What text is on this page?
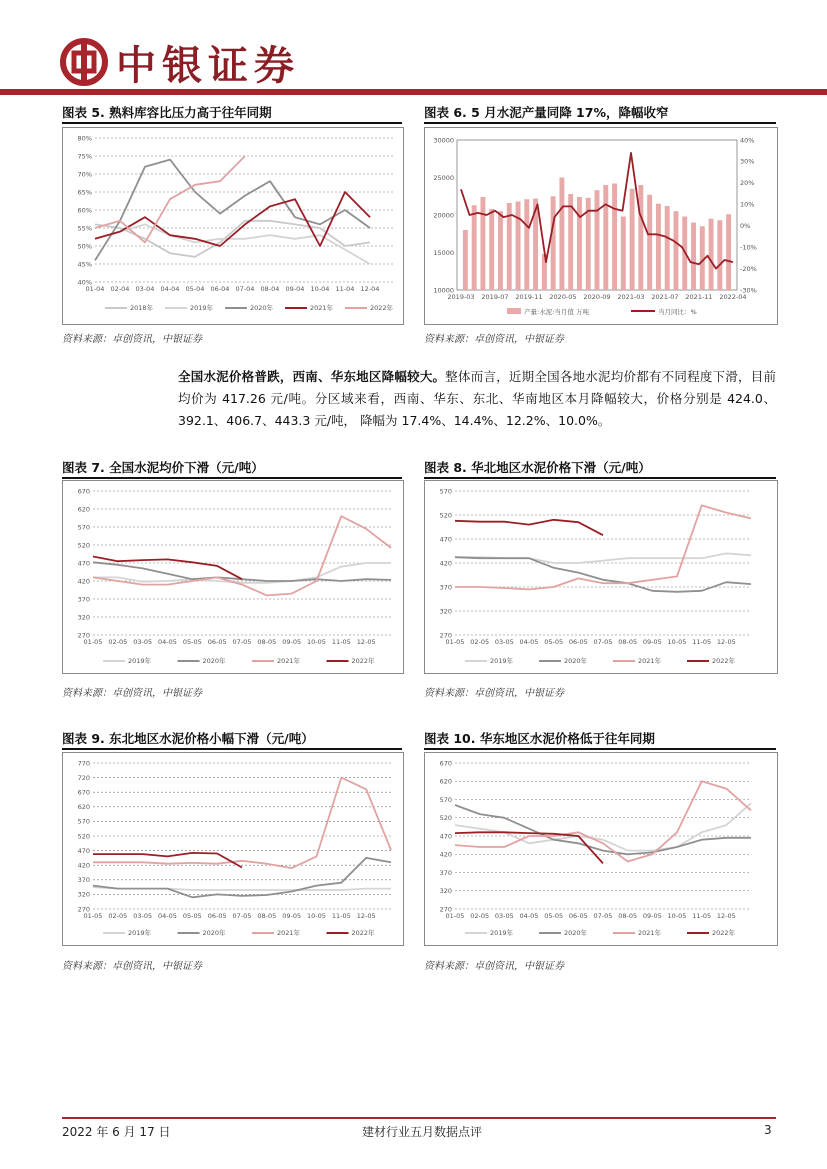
中银证券
图表 5. 熟料库容比压力高于往年同期	图表 6. 5 月水泥产量同降 17%，降幅收窄
80%
75%
70%
65%
60%
55%
50%
45%
40%
01-04 02-04 03-04 04-04 05-04 06-04 07-04 08-04 09-04 10-04 11-04 12-04
2018年	2019年	2020年	2021年	2022年
30000
25000
20000
15000
10000
40%
30%
20%
10%
0%
-10%
-20%
-30%
2019-03 2019-07 2019-11 2020-05 2020-09 2021-03 2021-07 2021-11 2022-04
产量:水泥:当月值 万吨	当月同比：%
资料来源：卓创资讯，中银证券	资料来源：卓创资讯，中银证券
全国水泥价格普跌，西南、华东地区降幅较大。整体而言，近期全国各地水泥均价都有不同程度下滑，目前均价为 417.26 元/吨。分区域来看，西南、华东、东北、华南地区本月降幅较大，价格分别是 424.0、392.1、406.7、443.3 元/吨， 降幅为 17.4%、14.4%、12.2%、10.0%。
图表 7. 全国水泥均价下滑（元/吨）	图表 8. 华北地区水泥价格下滑（元/吨）
670
620
570
520
470
420
370
320
270
01-05 02-05 03-05 04-05 05-05 06-05 07-05 08-05 09-05 10-05 11-05 12-05
2019年	2020年	2021年	2022年
570
520
470
420
370
320
270
01-05 02-05 03-05 04-05 05-05 06-05 07-05 08-05 09-05 10-05 11-05 12-05
2019年	2020年	2021年	2022年
资料来源：卓创资讯，中银证券	资料来源：卓创资讯，中银证券
图表 9. 东北地区水泥价格小幅下滑（元/吨）	图表 10. 华东地区水泥价格低于往年同期
770
720
670
620
570
520
470
420
370
320
270
01-05 02-05 03-05 04-05 05-05 06-05 07-05 08-05 09-05 10-05 11-05 12-05
2019年	2020年	2021年	2022年
670
620
570
520
470
420
370
320
270
01-05 02-05 03-05 04-05 05-05 06-05 07-05 08-05 09-05 10-05 11-05 12-05
2019年	2020年	2021年	2022年
资料来源：卓创资讯，中银证券	资料来源：卓创资讯，中银证券
2022 年 6 月 17 日	建材行业五月数据点评	3
